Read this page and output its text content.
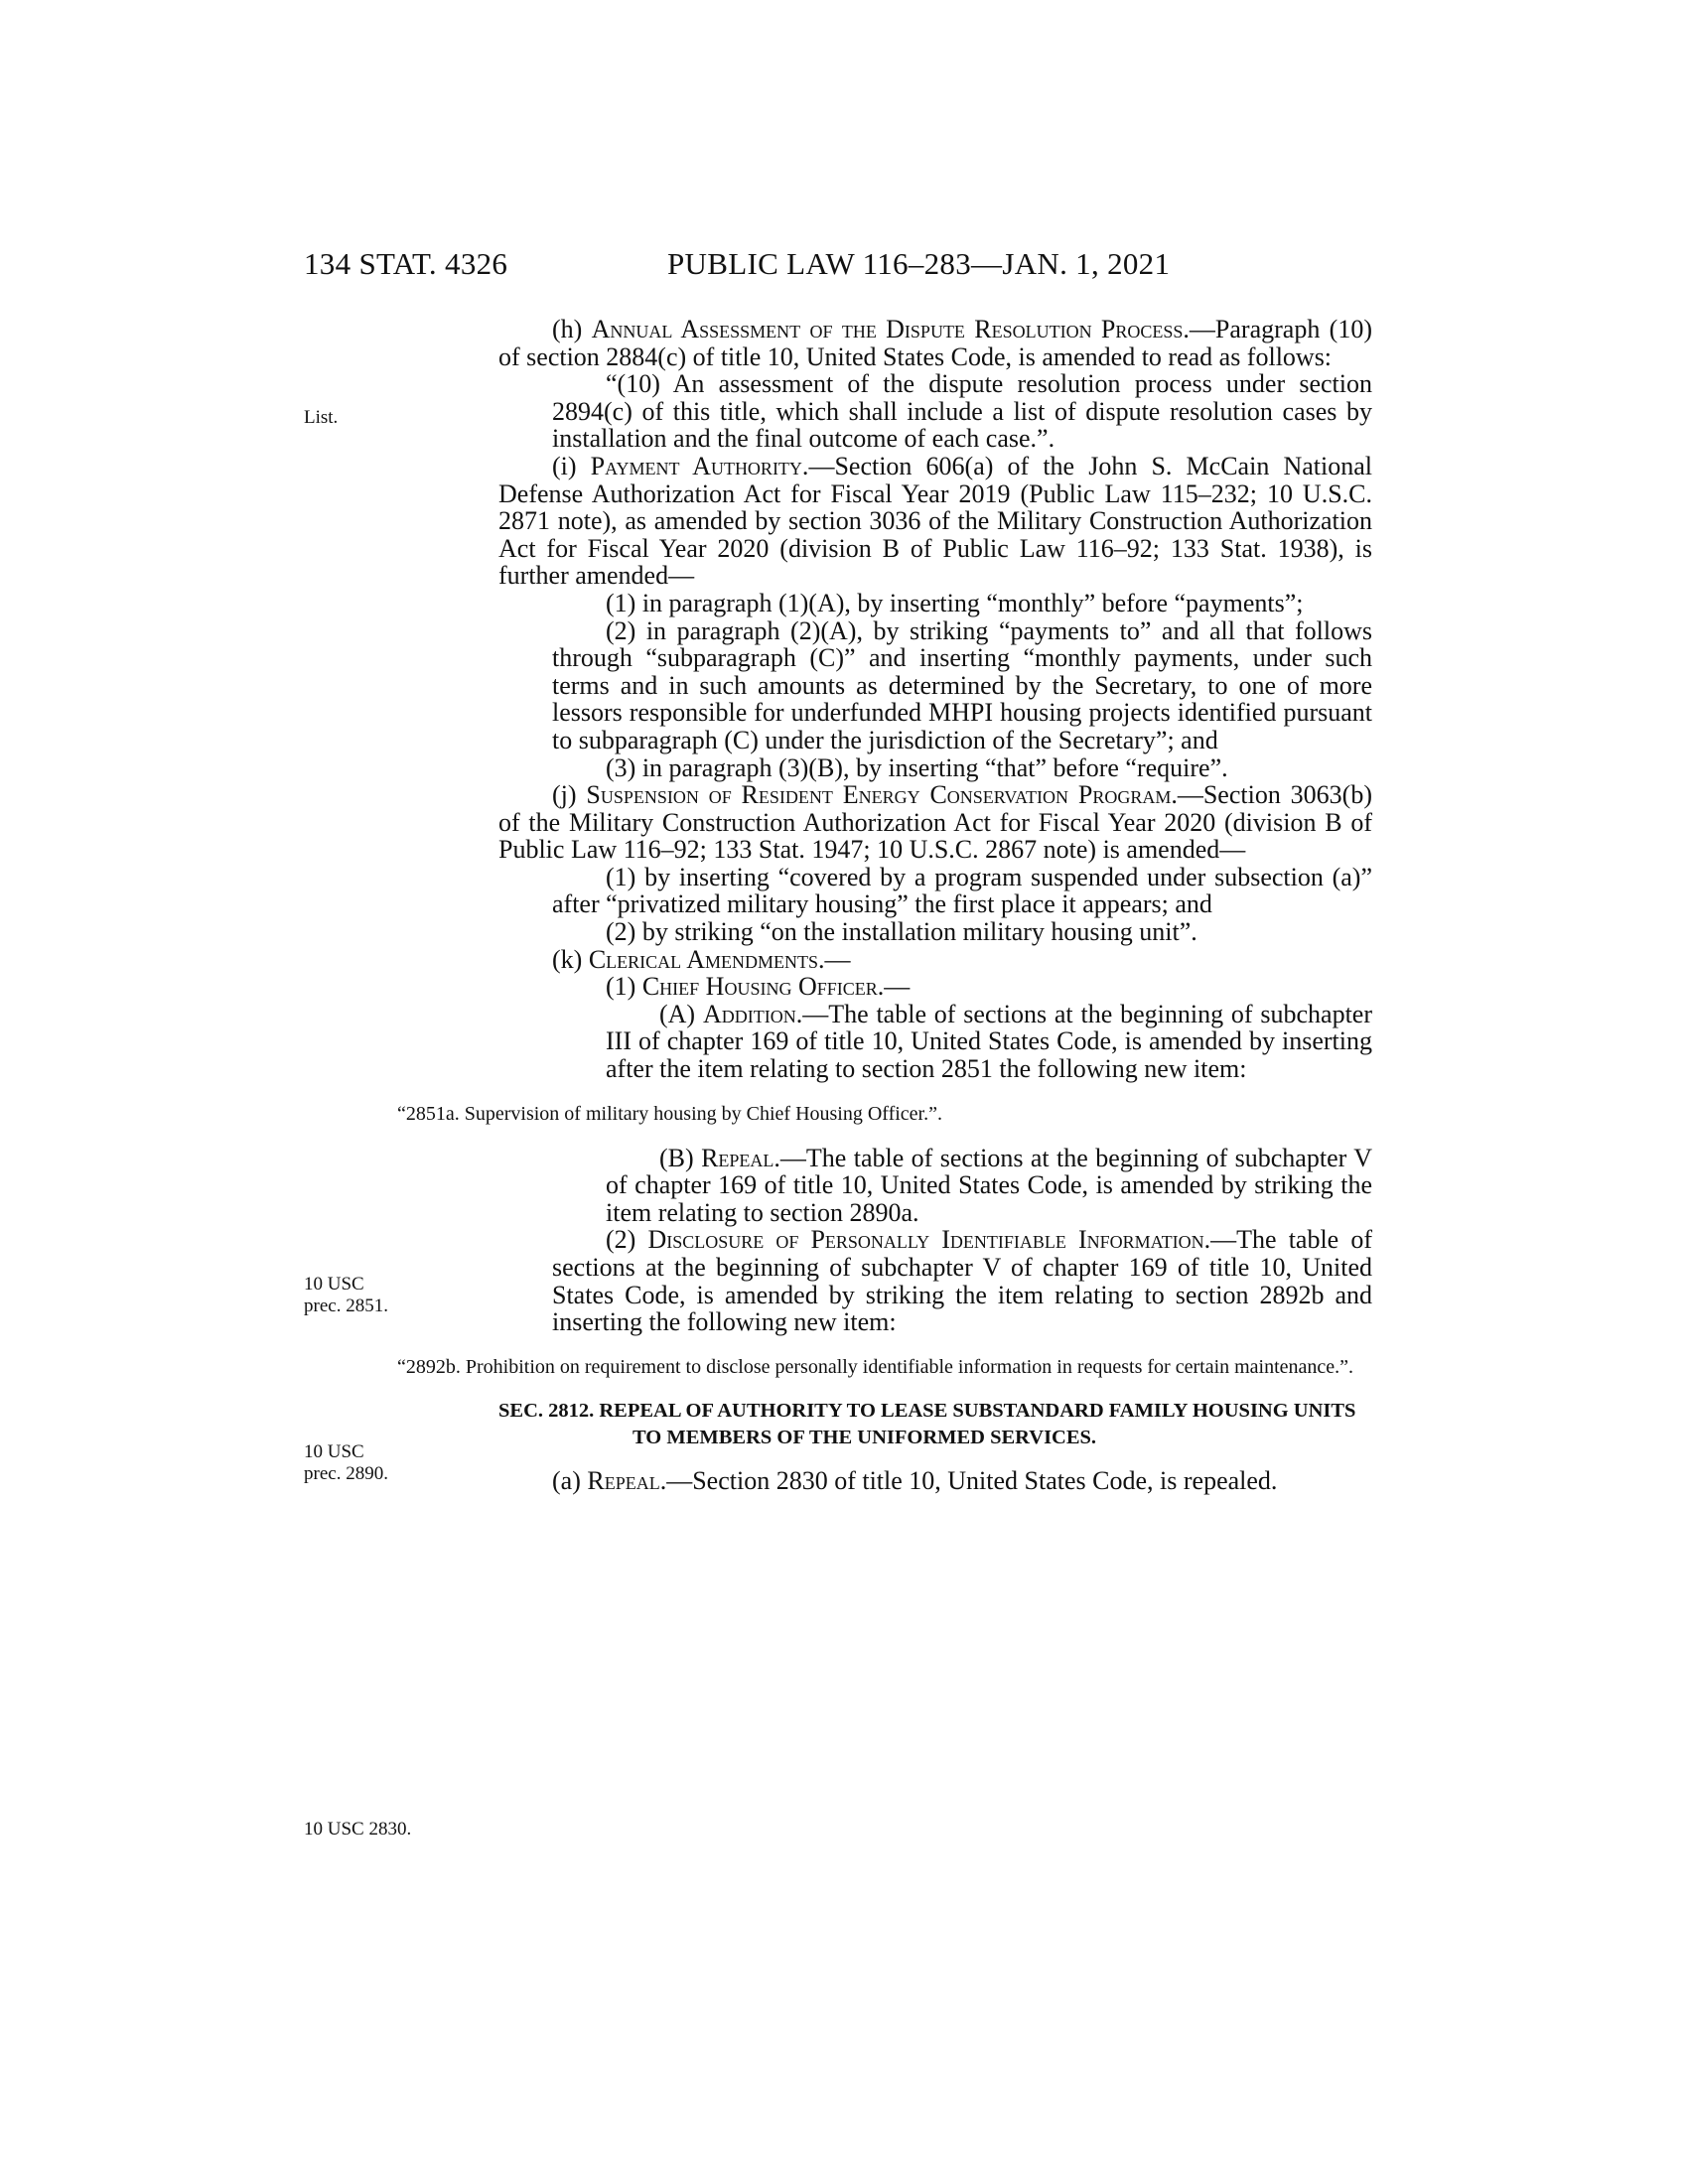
134 STAT. 4326	PUBLIC LAW 116–283—JAN. 1, 2021
List.
10 USC
prec. 2851.
10 USC
prec. 2890.
10 USC 2830.

(h) Annual Assessment of the Dispute Resolution Process.—Paragraph (10) of section 2884(c) of title 10, United States Code, is amended to read as follows:

“(10) An assessment of the dispute resolution process under section 2894(c) of this title, which shall include a list of dispute resolution cases by installation and the final outcome of each case.”.

(i) Payment Authority.—Section 606(a) of the John S. McCain National Defense Authorization Act for Fiscal Year 2019 (Public Law 115–232; 10 U.S.C. 2871 note), as amended by section 3036 of the Military Construction Authorization Act for Fiscal Year 2020 (division B of Public Law 116–92; 133 Stat. 1938), is further amended—

(1) in paragraph (1)(A), by inserting “monthly” before “payments”;

(2) in paragraph (2)(A), by striking “payments to” and all that follows through “subparagraph (C)” and inserting “monthly payments, under such terms and in such amounts as determined by the Secretary, to one of more lessors responsible for underfunded MHPI housing projects identified pursuant to subparagraph (C) under the jurisdiction of the Secretary”; and

(3) in paragraph (3)(B), by inserting “that” before “require”.

(j) Suspension of Resident Energy Conservation Program.—Section 3063(b) of the Military Construction Authorization Act for Fiscal Year 2020 (division B of Public Law 116–92; 133 Stat. 1947; 10 U.S.C. 2867 note) is amended—

(1) by inserting “covered by a program suspended under subsection (a)” after “privatized military housing” the first place it appears; and

(2) by striking “on the installation military housing unit”.

(k) Clerical Amendments.—

(1) Chief Housing Officer.—

(A) Addition.—The table of sections at the beginning of subchapter III of chapter 169 of title 10, United States Code, is amended by inserting after the item relating to section 2851 the following new item:

“2851a. Supervision of military housing by Chief Housing Officer.”.

(B) Repeal.—The table of sections at the beginning of subchapter V of chapter 169 of title 10, United States Code, is amended by striking the item relating to section 2890a.

(2) Disclosure of Personally Identifiable Information.—The table of sections at the beginning of subchapter V of chapter 169 of title 10, United States Code, is amended by striking the item relating to section 2892b and inserting the following new item:

“2892b. Prohibition on requirement to disclose personally identifiable information in requests for certain maintenance.”.

SEC. 2812. REPEAL OF AUTHORITY TO LEASE SUBSTANDARD FAMILY HOUSING UNITS TO MEMBERS OF THE UNIFORMED SERVICES.

(a) Repeal.—Section 2830 of title 10, United States Code, is repealed.
